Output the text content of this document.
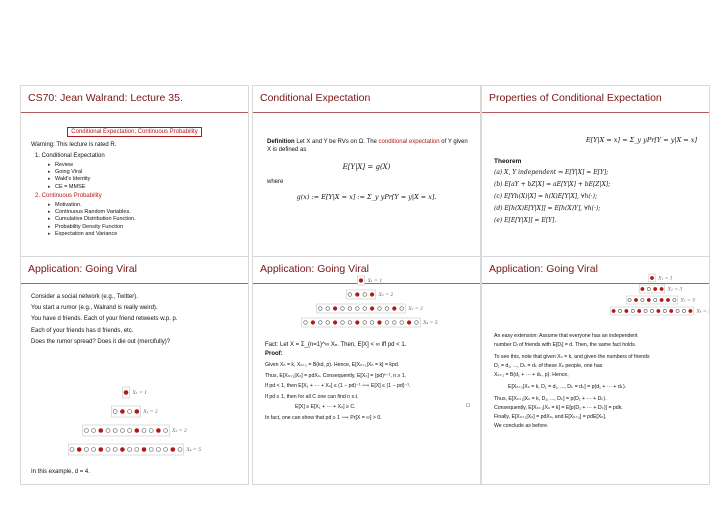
CS70: Jean Walrand: Lecture 35.
Conditional Expectation; Continuous Probability
Warning: This lecture is rated R.
1. Conditional Expectation
▸ Review
▸ Going Viral
▸ Wald's Identity
▸ CE = MMSE
2. Continuous Probability
▸ Motivation.
▸ Continuous Random Variables.
▸ Cumulative Distribution Function.
▸ Probability Density Function
▸ Expectation and Variance
Conditional Expectation
Definition Let X and Y be RVs on Ω. The conditional expectation of Y given X is defined as
E[Y|X] = g(X)
where
g(x) := E[Y|X = x] := Σ_y yPr[Y = y|X = x].
Properties of Conditional Expectation
E[Y|X = x] = Σ_y yPr[Y = y|X = x]
Theorem
(a) X, Y independent ⇒ E[Y|X] = E[Y];
(b) E[aY + bZ|X] = aE[Y|X] + bE[Z|X];
(c) E[Yh(X)|X] = h(X)E[Y|X], ∀h(·);
(d) E[h(X)E[Y|X]] = E[h(X)Y], ∀h(·);
(e) E[E[Y|X]] = E[Y].
Application: Going Viral
Consider a social network (e.g., Twitter).
You start a rumor (e.g., Walrand is really weird).
You have d friends. Each of your friend retweets w.p. p.
Each of your friends has d friends, etc.
Does the rumor spread? Does it die out (mercifully)?
X₁ = 1
X₂ = 2
X₃ = 3
X₄ = 5
In this example, d = 4.
Application: Going Viral
X₁ = 1
X₂ = 2
X₃ = 3
X₄ = 5
Fact: Let X = Σ_{n=1}^∞ Xₙ. Then, E[X] < ∞ iff pd < 1.
Proof:
Given Xₙ = k, Xₙ₊₁ = B(kd, p). Hence, E[Xₙ₊₁|Xₙ = k] = kpd.
Thus, E[Xₙ₊₁|Xₙ] = pdXₙ. Consequently, E[Xₙ] = (pd)ⁿ⁻¹, n ≥ 1.
If pd < 1, then E[X₁ + ··· + Xₙ] ≤ (1 − pd)⁻¹ ⟹ E[X] ≤ (1 − pd)⁻¹.
If pd ≥ 1, then for all C one can find n s.t.
E[X] ≥ E[X₁ + ··· + Xₙ] ≥ C.
In fact, one can show that pd ≥ 1 ⟹ Pr[X = ∞] > 0.
□
Application: Going Viral
X₁ = 1
X₂ = 3
X₃ = 5
X₄ = 5
An easy extension: Assume that everyone has an independent
number Dᵢ of friends with E[Dᵢ] = d. Then, the same fact holds.
To see this, note that given Xₙ = k, and given the numbers of friends
D₁ = d₁, ..., Dₖ = dₖ of these Xₙ people, one has
Xₙ₊₁ = B(d₁ + ··· + dₖ, p). Hence,
E[Xₙ₊₁|Xₙ = k, D₁ = d₁, ..., Dₖ = dₖ] = p(d₁ + ··· + dₖ).
Thus, E[Xₙ₊₁|Xₙ = k, D₁, ..., Dₖ] = p(D₁ + ··· + Dₖ).
Consequently, E[Xₙ₊₁|Xₙ = k] = E[p(D₁ + ··· + Dₖ)] = pdk.
Finally, E[Xₙ₊₁|Xₙ] = pdXₙ, and E[Xₙ₊₁] = pdE[Xₙ].
We conclude as before.
